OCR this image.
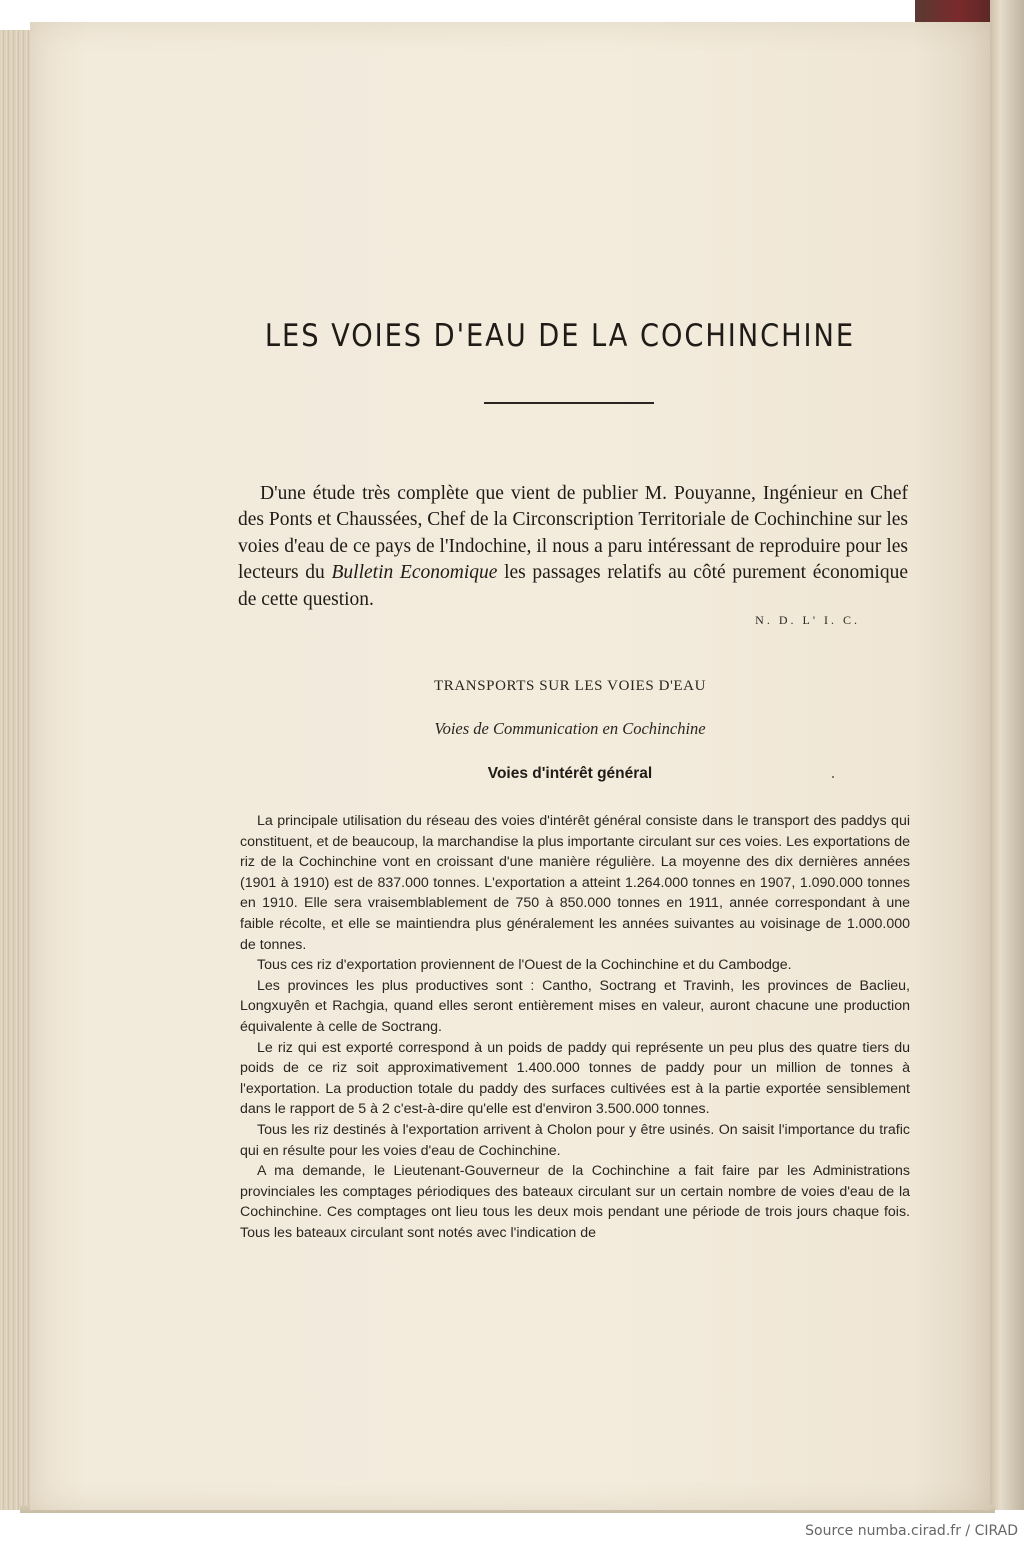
LES VOIES D'EAU DE LA COCHINCHINE

D'une étude très complète que vient de publier M. Pouyanne, Ingénieur en Chef des Ponts et Chaussées, Chef de la Circonscription Territoriale de Cochinchine sur les voies d'eau de ce pays de l'Indochine, il nous a paru intéressant de reproduire pour les lecteurs du Bulletin Economique les passages relatifs au côté purement économique de cette question.

N. D. L' I. C.
TRANSPORTS SUR LES VOIES D'EAU
Voies de Communication en Cochinchine
Voies d'intérêt général

La principale utilisation du réseau des voies d'intérêt général consiste dans le transport des paddys qui constituent, et de beaucoup, la marchandise la plus importante circulant sur ces voies. Les exportations de riz de la Cochinchine vont en croissant d'une manière régulière. La moyenne des dix dernières années (1901 à 1910) est de 837.000 tonnes. L'exportation a atteint 1.264.000 tonnes en 1907, 1.090.000 tonnes en 1910. Elle sera vraisemblablement de 750 à 850.000 tonnes en 1911, année correspondant à une faible récolte, et elle se maintiendra plus généralement les années suivantes au voisinage de 1.000.000 de tonnes.

Tous ces riz d'exportation proviennent de l'Ouest de la Cochinchine et du Cambodge.

Les provinces les plus productives sont : Cantho, Soctrang et Travinh, les provinces de Baclieu, Longxuyên et Rachgia, quand elles seront entièrement mises en valeur, auront chacune une production équivalente à celle de Soctrang.

Le riz qui est exporté correspond à un poids de paddy qui représente un peu plus des quatre tiers du poids de ce riz soit approximativement 1.400.000 tonnes de paddy pour un million de tonnes à l'exportation. La production totale du paddy des surfaces cultivées est à la partie exportée sensiblement dans le rapport de 5 à 2 c'est-à-dire qu'elle est d'environ 3.500.000 tonnes.

Tous les riz destinés à l'exportation arrivent à Cholon pour y être usinés. On saisit l'importance du trafic qui en résulte pour les voies d'eau de Cochinchine.

A ma demande, le Lieutenant-Gouverneur de la Cochinchine a fait faire par les Administrations provinciales les comptages périodiques des bateaux circulant sur un certain nombre de voies d'eau de la Cochinchine. Ces comptages ont lieu tous les deux mois pendant une période de trois jours chaque fois. Tous les bateaux circulant sont notés avec l'indication de

Source numba.cirad.fr / CIRAD
